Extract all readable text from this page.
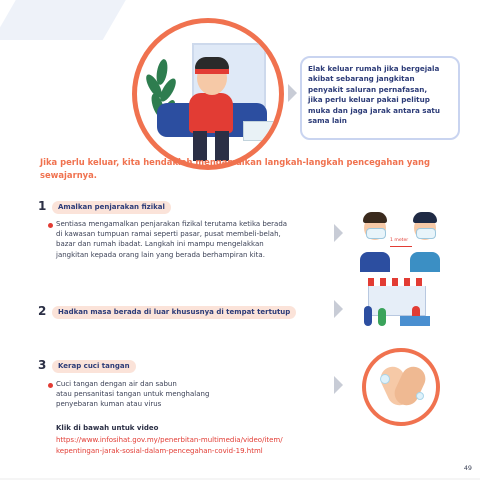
Elak keluar rumah jika bergejala

akibat sebarang jangkitan

penyakit saluran pernafasan,

jika perlu keluar pakai pelitup

muka dan jaga jarak antara satu

sama lain

Jika perlu keluar, kita hendaklah mengamalkan langkah-langkah pencegahan yang
sewajarnya.
1	Amalkan penjarakan fizikal
Sentiasa mengamalkan penjarakan fizikal terutama ketika berada
di kawasan tumpuan ramai seperti pasar, pusat membeli-belah,
bazar dan rumah ibadat. Langkah ini mampu mengelakkan
jangkitan kepada orang lain yang berada berhampiran kita.
1 meter
2	Hadkan masa berada di luar khususnya di tempat tertutup
3	Kerap cuci tangan
Cuci tangan dengan air dan sabun
atau pensanitasi tangan untuk menghalang
penyebaran kuman atau virus
Klik di bawah untuk video
https://www.infosihat.gov.my/penerbitan-multimedia/video/item/
kepentingan-jarak-sosial-dalam-pencegahan-covid-19.html
49
